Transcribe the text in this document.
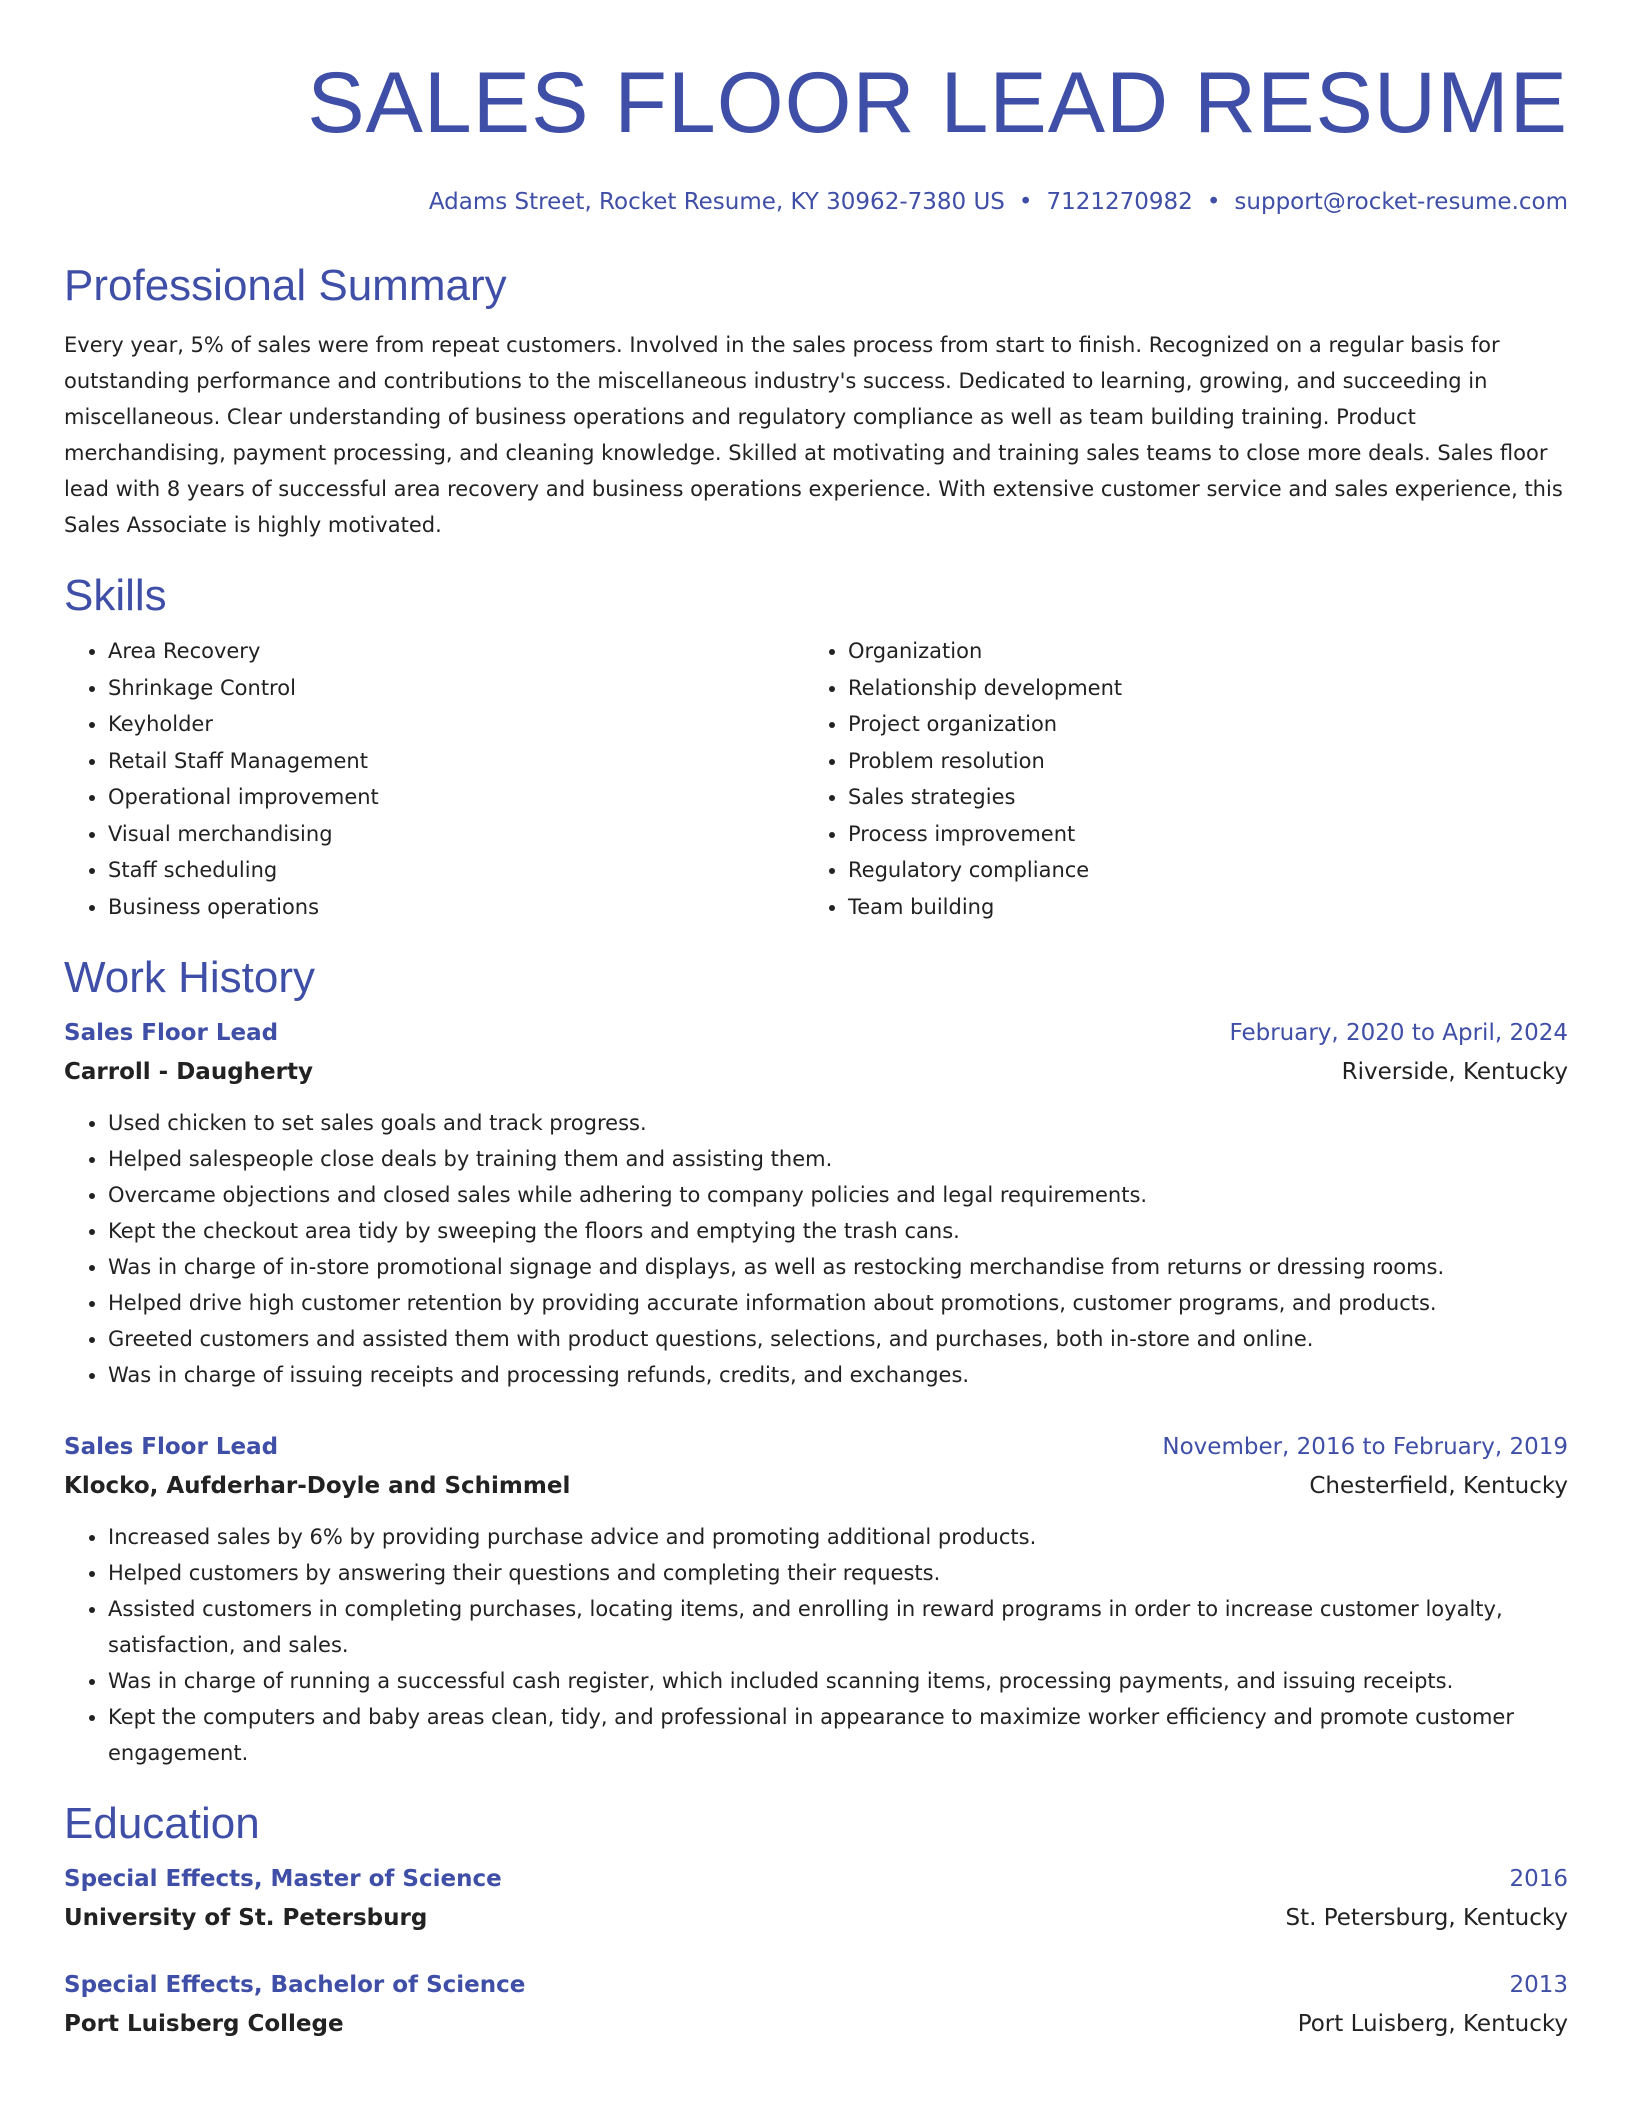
SALES FLOOR LEAD RESUME
Adams Street, Rocket Resume, KY 30962-7380 US • 7121270982 • support@rocket-resume.com
Professional Summary
Every year, 5% of sales were from repeat customers. Involved in the sales process from start to finish. Recognized on a regular basis for outstanding performance and contributions to the miscellaneous industry's success. Dedicated to learning, growing, and succeeding in miscellaneous. Clear understanding of business operations and regulatory compliance as well as team building training. Product merchandising, payment processing, and cleaning knowledge. Skilled at motivating and training sales teams to close more deals. Sales floor lead with 8 years of successful area recovery and business operations experience. With extensive customer service and sales experience, this Sales Associate is highly motivated.
Skills
• Area Recovery
• Shrinkage Control
• Keyholder
• Retail Staff Management
• Operational improvement
• Visual merchandising
• Staff scheduling
• Business operations
• Organization
• Relationship development
• Project organization
• Problem resolution
• Sales strategies
• Process improvement
• Regulatory compliance
• Team building
Work History
Sales Floor Lead	February, 2020 to April, 2024
Carroll - Daugherty	Riverside, Kentucky
• Used chicken to set sales goals and track progress.
• Helped salespeople close deals by training them and assisting them.
• Overcame objections and closed sales while adhering to company policies and legal requirements.
• Kept the checkout area tidy by sweeping the floors and emptying the trash cans.
• Was in charge of in-store promotional signage and displays, as well as restocking merchandise from returns or dressing rooms.
• Helped drive high customer retention by providing accurate information about promotions, customer programs, and products.
• Greeted customers and assisted them with product questions, selections, and purchases, both in-store and online.
• Was in charge of issuing receipts and processing refunds, credits, and exchanges.
Sales Floor Lead	November, 2016 to February, 2019
Klocko, Aufderhar-Doyle and Schimmel	Chesterfield, Kentucky
• Increased sales by 6% by providing purchase advice and promoting additional products.
• Helped customers by answering their questions and completing their requests.
• Assisted customers in completing purchases, locating items, and enrolling in reward programs in order to increase customer loyalty, satisfaction, and sales.
• Was in charge of running a successful cash register, which included scanning items, processing payments, and issuing receipts.
• Kept the computers and baby areas clean, tidy, and professional in appearance to maximize worker efficiency and promote customer engagement.
Education
Special Effects, Master of Science	2016
University of St. Petersburg	St. Petersburg, Kentucky
Special Effects, Bachelor of Science	2013
Port Luisberg College	Port Luisberg, Kentucky
